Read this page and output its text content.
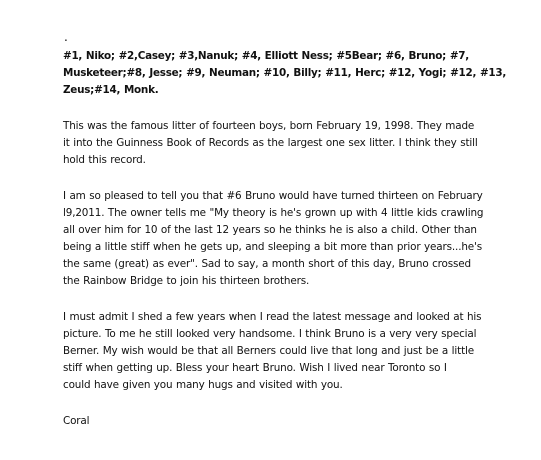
.
#1, Niko; #2,Casey; #3,Nanuk; #4, Elliott Ness; #5Bear; #6, Bruno; #7,
Musketeer;#8, Jesse; #9, Neuman; #10, Billy; #11, Herc; #12, Yogi; #12, #13,
Zeus;#14, Monk.
This was the famous litter of fourteen boys, born February 19, 1998. They made
it into the Guinness Book of Records as the largest one sex litter. I think they still
hold this record.
I am so pleased to tell you that #6 Bruno would have turned thirteen on February
l9,2011. The owner tells me "My theory is he's grown up with 4 little kids crawling
all over him for 10 of the last 12 years so he thinks he is also a child. Other than
being a little stiff when he gets up, and sleeping a bit more than prior years...he's
the same (great) as ever". Sad to say, a month short of this day, Bruno crossed
the Rainbow Bridge to join his thirteen brothers.
I must admit I shed a few years when I read the latest message and looked at his
picture. To me he still looked very handsome. I think Bruno is a very very special
Berner. My wish would be that all Berners could live that long and just be a little
stiff when getting up. Bless your heart Bruno. Wish I lived near Toronto so I
could have given you many hugs and visited with you.
Coral
